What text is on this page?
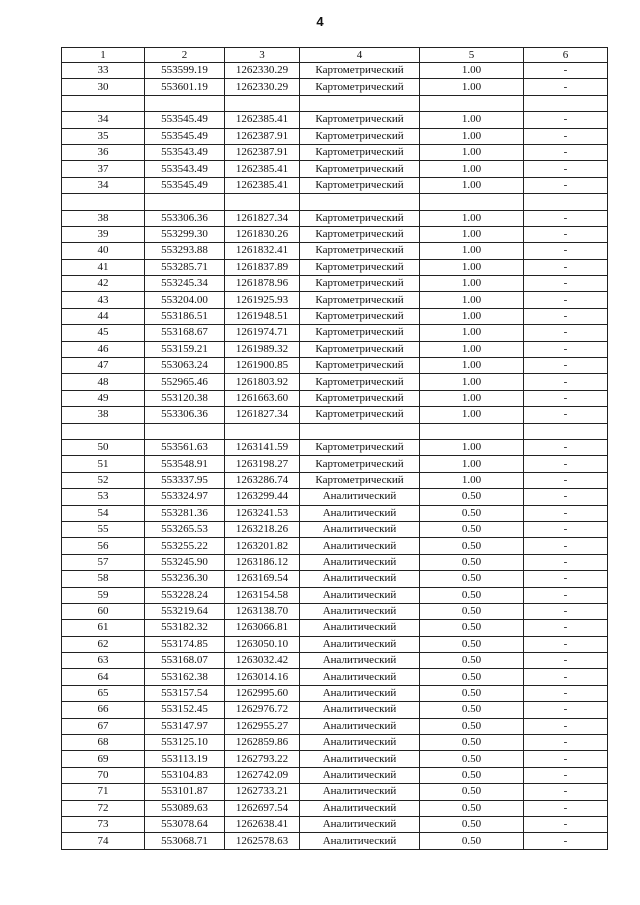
4
1	2	3	4	5	6
33	553599.19	1262330.29	Картометрический	1.00	-
30	553601.19	1262330.29	Картометрический	1.00	-

34	553545.49	1262385.41	Картометрический	1.00	-
35	553545.49	1262387.91	Картометрический	1.00	-
36	553543.49	1262387.91	Картометрический	1.00	-
37	553543.49	1262385.41	Картометрический	1.00	-
34	553545.49	1262385.41	Картометрический	1.00	-

38	553306.36	1261827.34	Картометрический	1.00	-
39	553299.30	1261830.26	Картометрический	1.00	-
40	553293.88	1261832.41	Картометрический	1.00	-
41	553285.71	1261837.89	Картометрический	1.00	-
42	553245.34	1261878.96	Картометрический	1.00	-
43	553204.00	1261925.93	Картометрический	1.00	-
44	553186.51	1261948.51	Картометрический	1.00	-
45	553168.67	1261974.71	Картометрический	1.00	-
46	553159.21	1261989.32	Картометрический	1.00	-
47	553063.24	1261900.85	Картометрический	1.00	-
48	552965.46	1261803.92	Картометрический	1.00	-
49	553120.38	1261663.60	Картометрический	1.00	-
38	553306.36	1261827.34	Картометрический	1.00	-

50	553561.63	1263141.59	Картометрический	1.00	-
51	553548.91	1263198.27	Картометрический	1.00	-
52	553337.95	1263286.74	Картометрический	1.00	-
53	553324.97	1263299.44	Аналитический	0.50	-
54	553281.36	1263241.53	Аналитический	0.50	-
55	553265.53	1263218.26	Аналитический	0.50	-
56	553255.22	1263201.82	Аналитический	0.50	-
57	553245.90	1263186.12	Аналитический	0.50	-
58	553236.30	1263169.54	Аналитический	0.50	-
59	553228.24	1263154.58	Аналитический	0.50	-
60	553219.64	1263138.70	Аналитический	0.50	-
61	553182.32	1263066.81	Аналитический	0.50	-
62	553174.85	1263050.10	Аналитический	0.50	-
63	553168.07	1263032.42	Аналитический	0.50	-
64	553162.38	1263014.16	Аналитический	0.50	-
65	553157.54	1262995.60	Аналитический	0.50	-
66	553152.45	1262976.72	Аналитический	0.50	-
67	553147.97	1262955.27	Аналитический	0.50	-
68	553125.10	1262859.86	Аналитический	0.50	-
69	553113.19	1262793.22	Аналитический	0.50	-
70	553104.83	1262742.09	Аналитический	0.50	-
71	553101.87	1262733.21	Аналитический	0.50	-
72	553089.63	1262697.54	Аналитический	0.50	-
73	553078.64	1262638.41	Аналитический	0.50	-
74	553068.71	1262578.63	Аналитический	0.50	-
